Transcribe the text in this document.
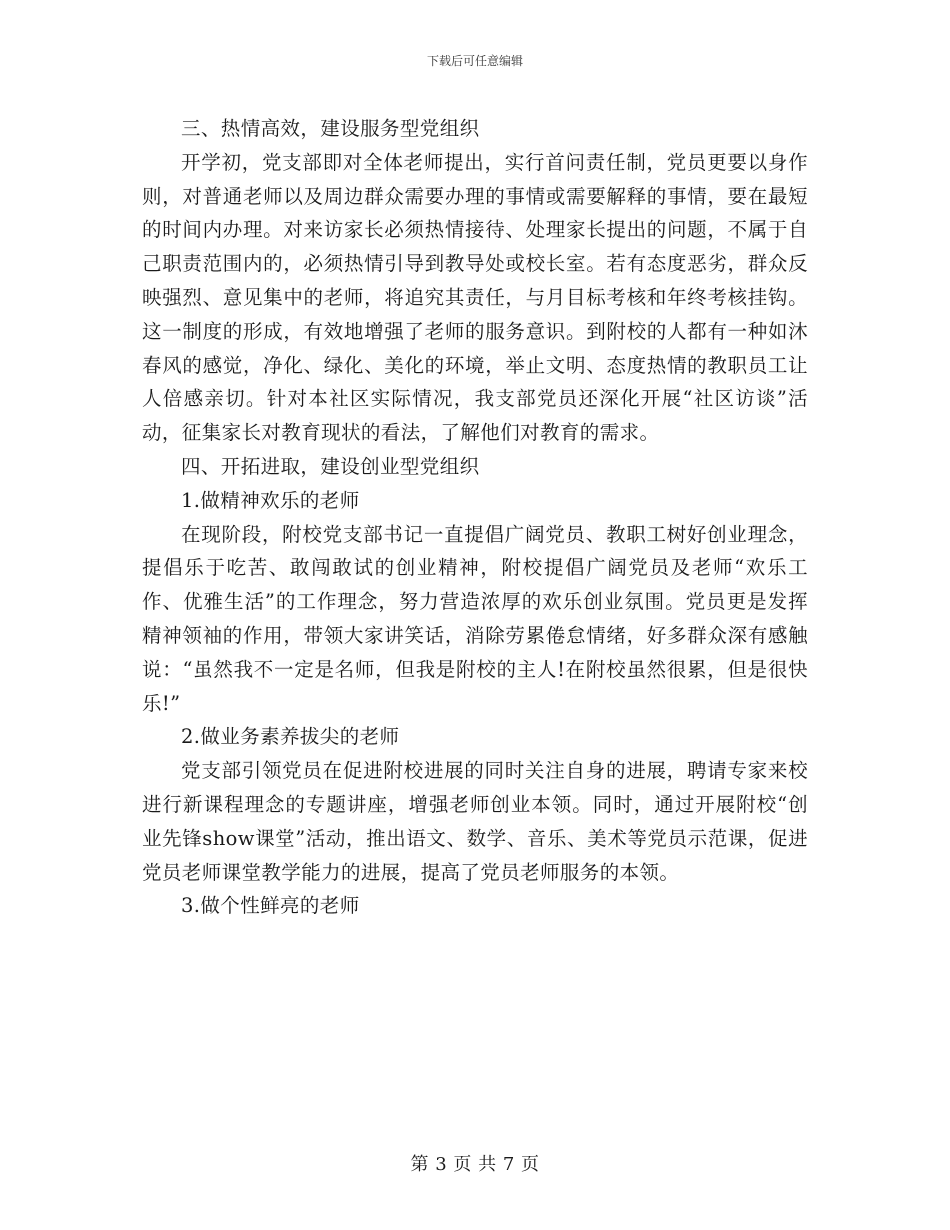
下载后可任意编辑

三、热情高效，建设服务型党组织

开学初，党支部即对全体老师提出，实行首问责任制，党员更要以身作则，对普通老师以及周边群众需要办理的事情或需要解释的事情，要在最短的时间内办理。对来访家长必须热情接待、处理家长提出的问题，不属于自己职责范围内的，必须热情引导到教导处或校长室。若有态度恶劣，群众反映强烈、意见集中的老师，将追究其责任，与月目标考核和年终考核挂钩。这一制度的形成，有效地增强了老师的服务意识。到附校的人都有一种如沐春风的感觉，净化、绿化、美化的环境，举止文明、态度热情的教职员工让人倍感亲切。针对本社区实际情况，我支部党员还深化开展“社区访谈”活动，征集家长对教育现状的看法，了解他们对教育的需求。

四、开拓进取，建设创业型党组织

1.做精神欢乐的老师

在现阶段，附校党支部书记一直提倡广阔党员、教职工树好创业理念，提倡乐于吃苦、敢闯敢试的创业精神，附校提倡广阔党员及老师“欢乐工作、优雅生活”的工作理念，努力营造浓厚的欢乐创业氛围。党员更是发挥精神领袖的作用，带领大家讲笑话，消除劳累倦怠情绪，好多群众深有感触说：“虽然我不一定是名师，但我是附校的主人!在附校虽然很累，但是很快乐!”

2.做业务素养拔尖的老师

党支部引领党员在促进附校进展的同时关注自身的进展，聘请专家来校进行新课程理念的专题讲座，增强老师创业本领。同时，通过开展附校“创业先锋show课堂”活动，推出语文、数学、音乐、美术等党员示范课，促进党员老师课堂教学能力的进展，提高了党员老师服务的本领。

3.做个性鲜亮的老师

第 3 页 共 7 页
